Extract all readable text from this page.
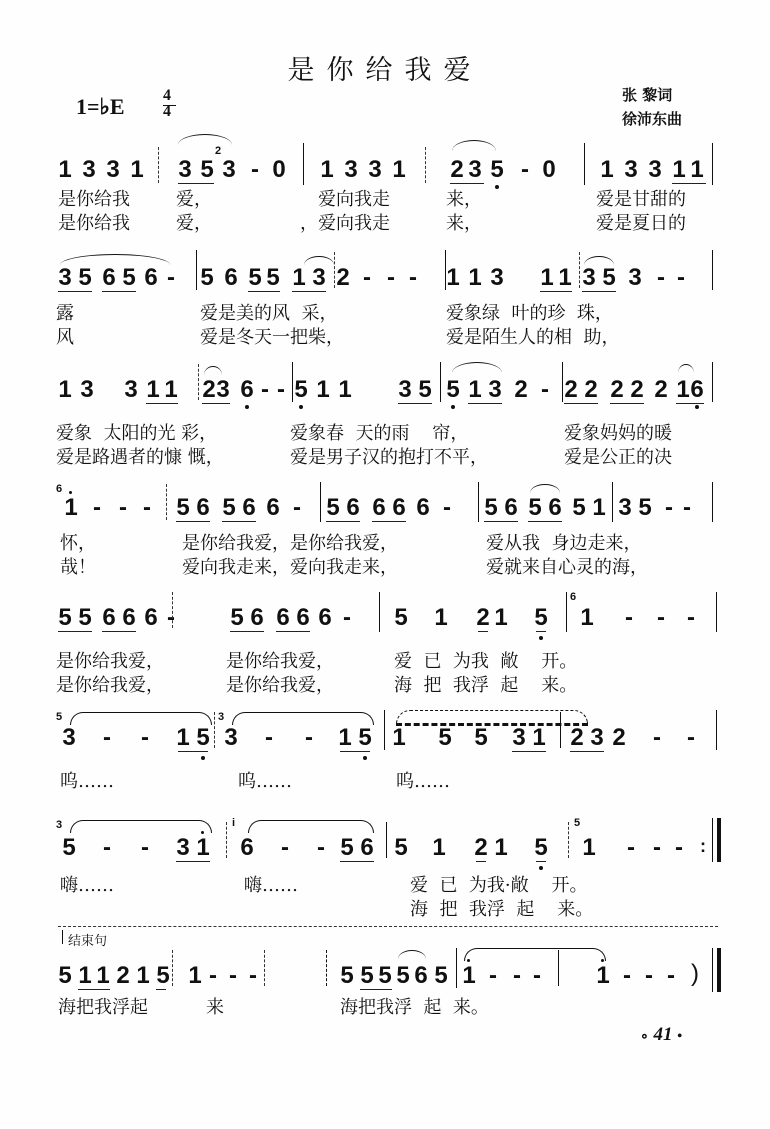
是你给我爱
张 黎词
徐沛东曲
1=♭E 4
4
1 3 3 1 3 5
2
3 - 0 1 3 3 1 2 3 5 - 0 1 3 3 1 1
是你给我	爱，	爱向我走	来，	爱是甘甜的
是你给我	爱，	，爱向我走	来，	爱是夏日的
3 5 6 5 6 - 5 6 5 5 1 3 2 - - - 1 1 3 1 1 3 5 3 - -
露	爱是美的风  采，	爱象绿  叶的珍  珠，
风	爱是冬天一把柴，	爱是陌生人的相  助，
1 3 3 1 1 2 3 6 - - 5 1 1 3 5 5 1 3 2 - 2 2 2 2 2 1 6
爱象  太阳的光 彩，	爱象春  天的雨    帘，	爱象妈妈的暖
爱是路遇者的慷 慨，	爱是男子汉的抱打不平，	爱是公正的决
6
1 - - - 5 6 5 6 6 - 5 6 6 6 6 - 5 6 5 6 5 1 3 5 - -
怀，	是你给我爱，是你给我爱，	爱从我  身边走来，
哉！	爱向我走来，爱向我走来，	爱就来自心灵的海，
5 5 6 6 6 - 5 6 6 6 6 - 5 1 2 1 5
6
1 - - -
是你给我爱，	是你给我爱，	爱  已  为我  敞    开。
是你给我爱，	是你给我爱，	海  把  我浮  起    来。
5
3 - - 1 5
3
3 - - 1 5 1 5 5 3 1 2 3 2 - -
呜……	呜……	呜……
3
5 - - 3 1
i
6 - - 5 6 5 1 2 1 5
5
1 - - - :
嗨……	嗨……	爱  已  为我·敞    开。
海  把  我浮  起    来。
结束句
5 1 1 2 1 5 1 - - -	5 5 5 5 6 5 1 - - - 1 - - - )
海把我浮起	来	海把我浮  起  来。
∘ 41 •
